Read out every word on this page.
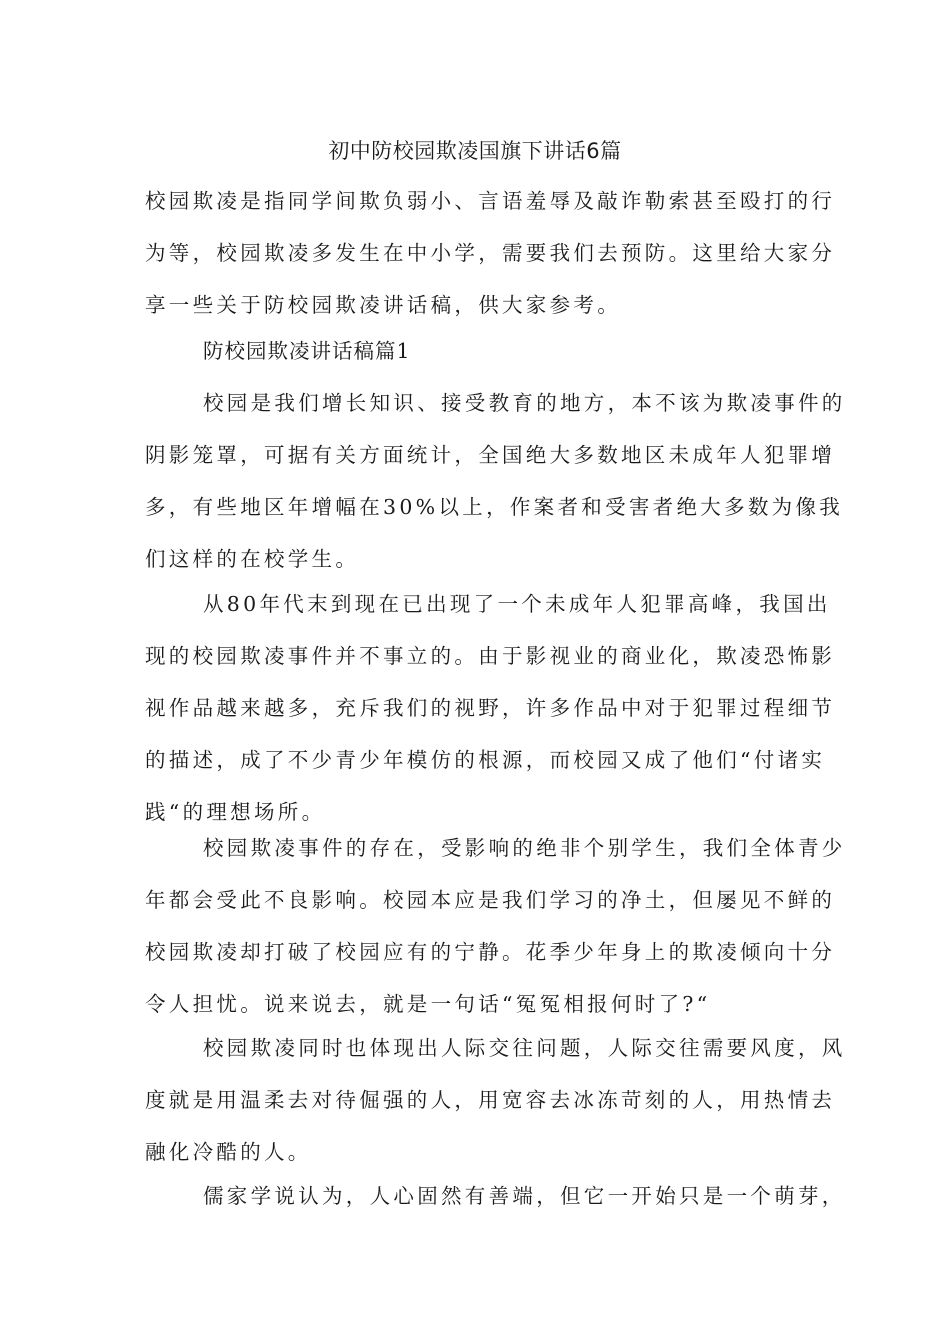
初中防校园欺凌国旗下讲话6篇

校园欺凌是指同学间欺负弱小、言语羞辱及敲诈勒索甚至殴打的行
为等，校园欺凌多发生在中小学，需要我们去预防。这里给大家分
享一些关于防校园欺凌讲话稿，供大家参考。

防校园欺凌讲话稿篇1

校园是我们增长知识、接受教育的地方，本不该为欺凌事件的
阴影笼罩，可据有关方面统计，全国绝大多数地区未成年人犯罪增
多，有些地区年增幅在30%以上，作案者和受害者绝大多数为像我
们这样的在校学生。

从80年代末到现在已出现了一个未成年人犯罪高峰，我国出
现的校园欺凌事件并不事立的。由于影视业的商业化，欺凌恐怖影
视作品越来越多，充斥我们的视野，许多作品中对于犯罪过程细节
的描述，成了不少青少年模仿的根源，而校园又成了他们“付诸实
践“的理想场所。

校园欺凌事件的存在，受影响的绝非个别学生，我们全体青少
年都会受此不良影响。校园本应是我们学习的净土，但屡见不鲜的
校园欺凌却打破了校园应有的宁静。花季少年身上的欺凌倾向十分
令人担忧。说来说去，就是一句话“冤冤相报何时了?“

校园欺凌同时也体现出人际交往问题，人际交往需要风度，风
度就是用温柔去对待倔强的人，用宽容去冰冻苛刻的人，用热情去
融化冷酷的人。

儒家学说认为，人心固然有善端，但它一开始只是一个萌芽，
